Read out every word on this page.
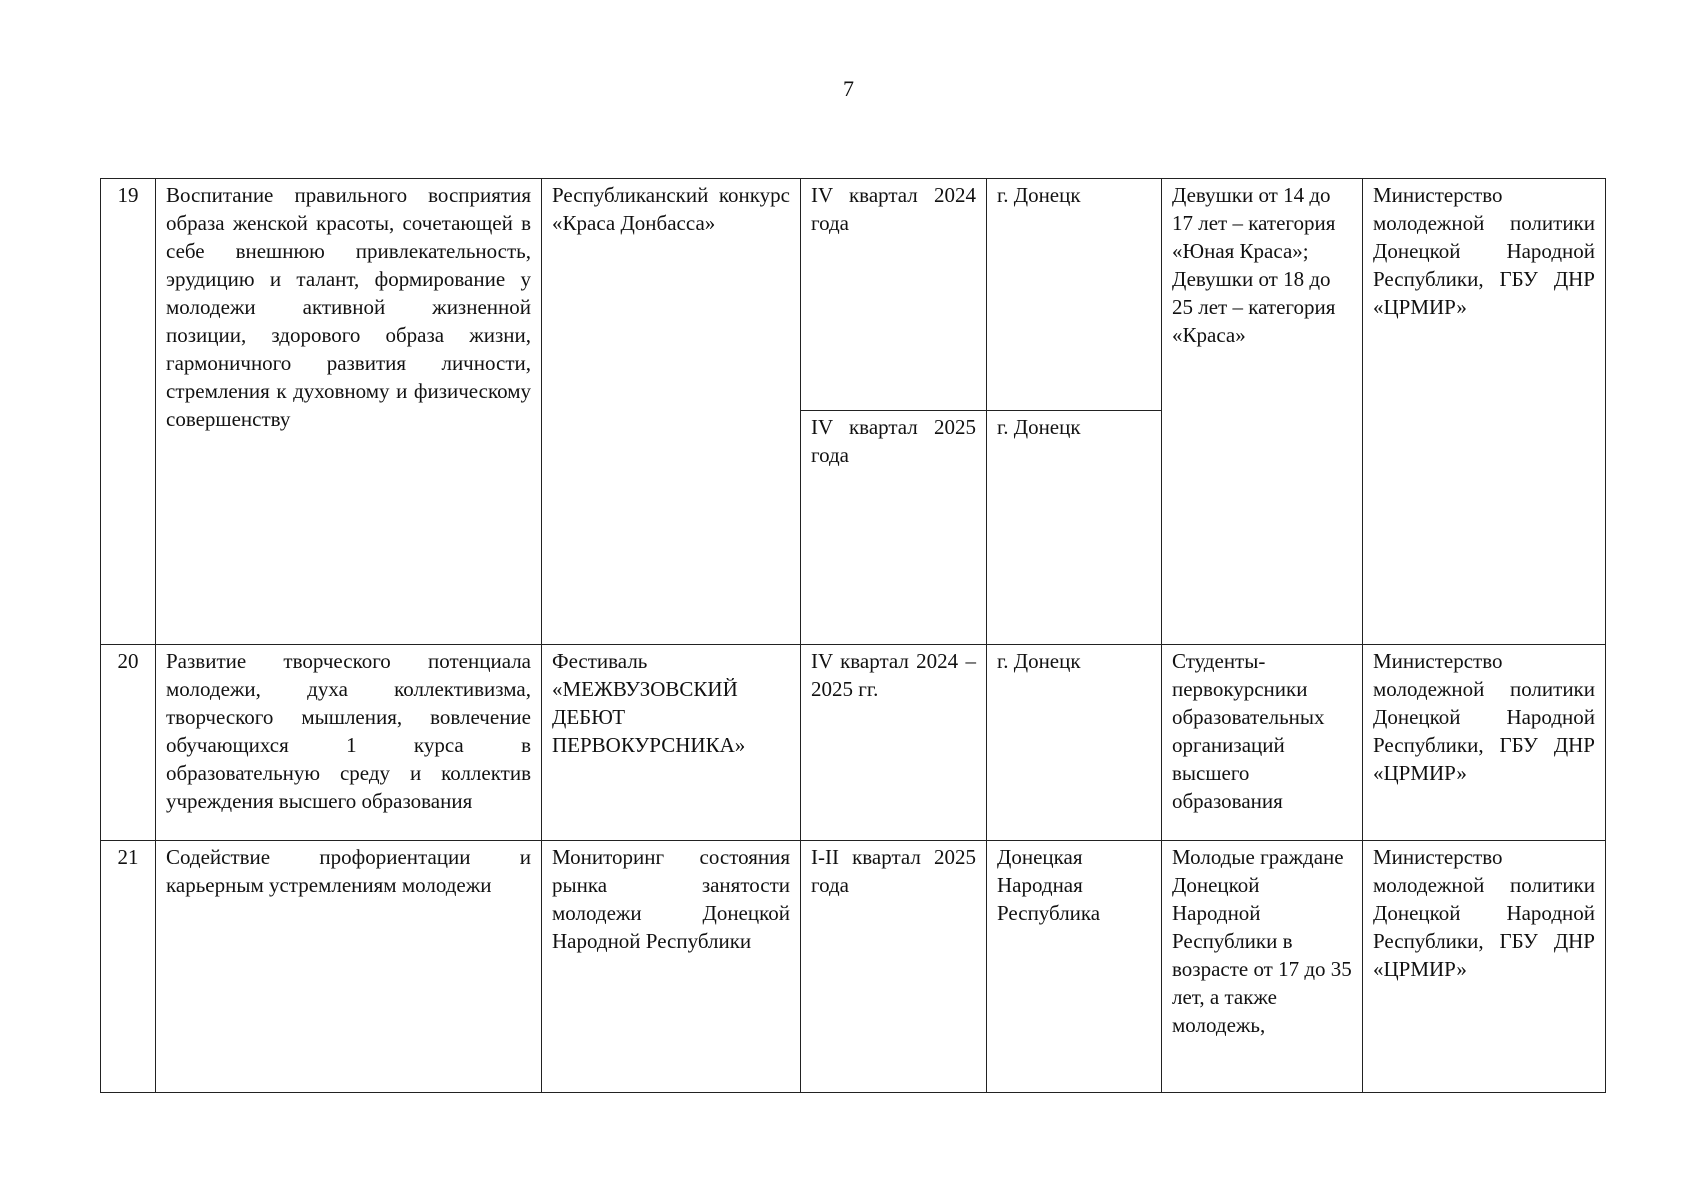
7
19	Воспитание правильного восприятия образа женской красоты, сочетающей в себе внешнюю привлекательность, эрудицию и талант, формирование у молодежи активной жизненной позиции, здорового образа жизни, гармоничного развития личности, стремления к духовному и физическому совершенству	Республиканский конкурс «Краса Донбасса»	IV квартал 2024 года	г. Донецк	Девушки от 14 до 17 лет – категория «Юная Краса»; Девушки от 18 до 25 лет – категория «Краса»	Министерство молодежной политики Донецкой Народной Республики, ГБУ ДНР «ЦРМИР»
			IV квартал 2025 года	г. Донецк		
20	Развитие творческого потенциала молодежи, духа коллективизма, творческого мышления, вовлечение обучающихся 1 курса в образовательную среду и коллектив учреждения высшего образования	Фестиваль «МЕЖВУЗОВСКИЙ ДЕБЮТ ПЕРВОКУРСНИКА»	IV квартал 2024 – 2025 гг.	г. Донецк	Студенты-первокурсники образовательных организаций высшего образования	Министерство молодежной политики Донецкой Народной Республики, ГБУ ДНР «ЦРМИР»
21	Содействие профориентации и карьерным устремлениям молодежи	Мониторинг состояния рынка занятости молодежи Донецкой Народной Республики	I-II квартал 2025 года	Донецкая Народная Республика	Молодые граждане Донецкой Народной Республики в возрасте от 17 до 35 лет, а также молодежь,	Министерство молодежной политики Донецкой Народной Республики, ГБУ ДНР «ЦРМИР»
